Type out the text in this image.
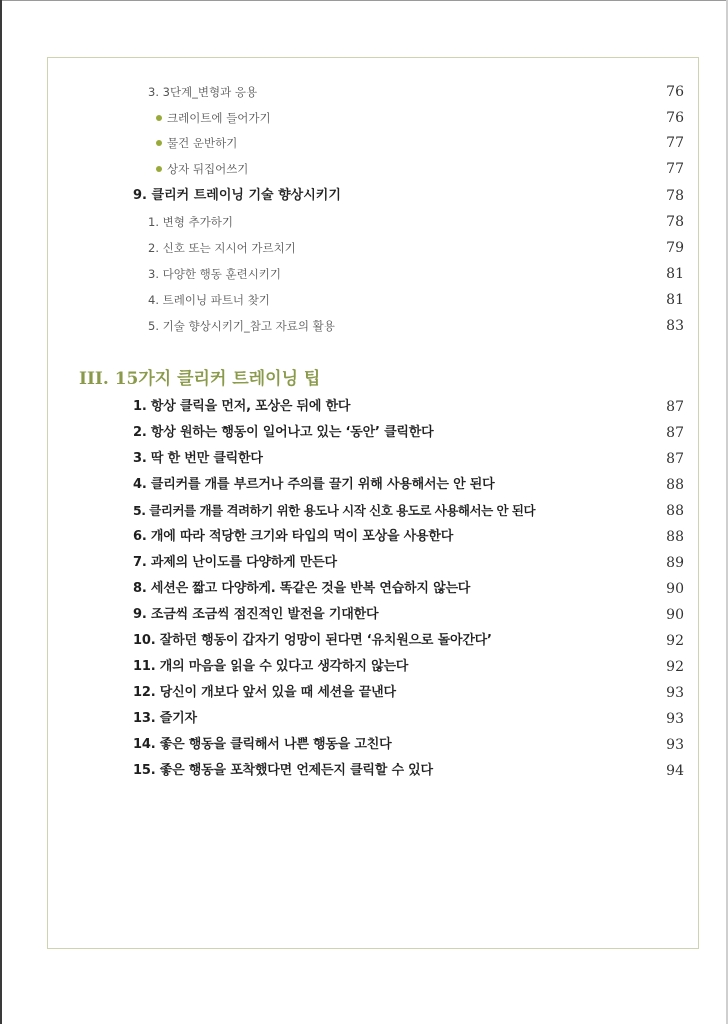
3. 3단계_변형과 응용	76
크레이트에 들어가기	76
물건 운반하기	77
상자 뒤집어쓰기	77
9. 클리커 트레이닝 기술 향상시키기	78
1. 변형 추가하기	78
2. 신호 또는 지시어 가르치기	79
3. 다양한 행동 훈련시키기	81
4. 트레이닝 파트너 찾기	81
5. 기술 향상시키기_참고 자료의 활용	83
III. 15가지 클리커 트레이닝 팁
1. 항상 클릭을 먼저, 포상은 뒤에 한다	87
2. 항상 원하는 행동이 일어나고 있는 ‘동안’ 클릭한다	87
3. 딱 한 번만 클릭한다	87
4. 클리커를 개를 부르거나 주의를 끌기 위해 사용해서는 안 된다	88
5. 클리커를 개를 격려하기 위한 용도나 시작 신호 용도로 사용해서는 안 된다	88
6. 개에 따라 적당한 크기와 타입의 먹이 포상을 사용한다	88
7. 과제의 난이도를 다양하게 만든다	89
8. 세션은 짧고 다양하게. 똑같은 것을 반복 연습하지 않는다	90
9. 조금씩 조금씩 점진적인 발전을 기대한다	90
10. 잘하던 행동이 갑자기 엉망이 된다면 ‘유치원으로 돌아간다’	92
11. 개의 마음을 읽을 수 있다고 생각하지 않는다	92
12. 당신이 개보다 앞서 있을 때 세션을 끝낸다	93
13. 즐기자	93
14. 좋은 행동을 클릭해서 나쁜 행동을 고친다	93
15. 좋은 행동을 포착했다면 언제든지 클릭할 수 있다	94
